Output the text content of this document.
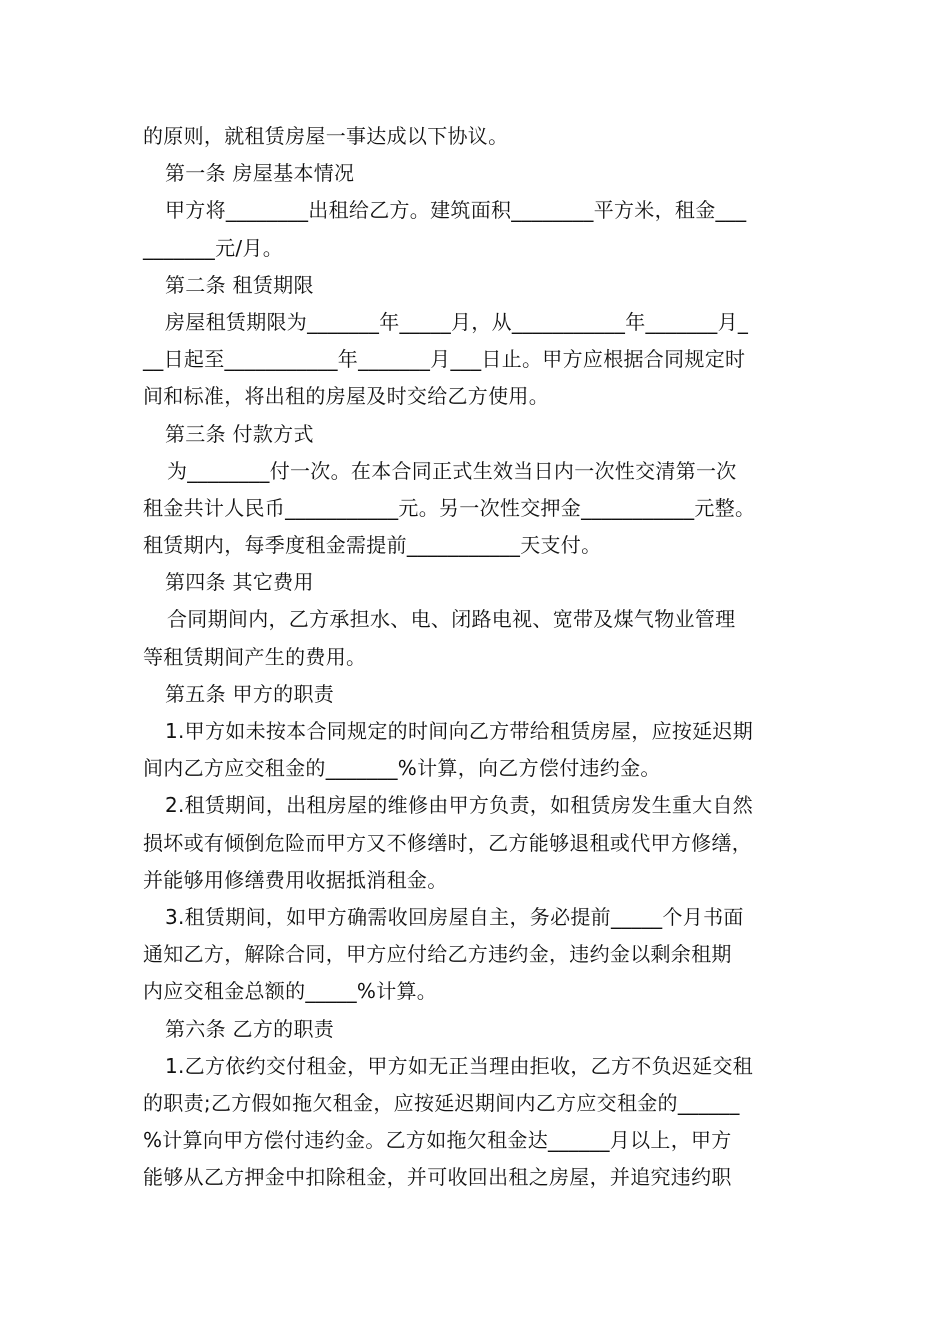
的原则，就租赁房屋一事达成以下协议。
第一条 房屋基本情况
甲方将________出租给乙方。建筑面积________平方米，租金___
_______元/月。
第二条 租赁期限
房屋租赁期限为_______年_____月，从___________年_______月_
__日起至___________年_______月___日止。甲方应根据合同规定时
间和标准，将出租的房屋及时交给乙方使用。
第三条 付款方式
为________付一次。在本合同正式生效当日内一次性交清第一次
租金共计人民币___________元。另一次性交押金___________元整。
租赁期内，每季度租金需提前___________天支付。
第四条 其它费用
合同期间内，乙方承担水、电、闭路电视、宽带及煤气物业管理
等租赁期间产生的费用。
第五条 甲方的职责
1.甲方如未按本合同规定的时间向乙方带给租赁房屋，应按延迟期
间内乙方应交租金的_______%计算，向乙方偿付违约金。
2.租赁期间，出租房屋的维修由甲方负责，如租赁房发生重大自然
损坏或有倾倒危险而甲方又不修缮时，乙方能够退租或代甲方修缮，
并能够用修缮费用收据抵消租金。
3.租赁期间，如甲方确需收回房屋自主，务必提前_____个月书面
通知乙方，解除合同，甲方应付给乙方违约金，违约金以剩余租期
内应交租金总额的_____%计算。
第六条 乙方的职责
1.乙方依约交付租金，甲方如无正当理由拒收，乙方不负迟延交租
的职责;乙方假如拖欠租金，应按延迟期间内乙方应交租金的______
%计算向甲方偿付违约金。乙方如拖欠租金达______月以上，甲方
能够从乙方押金中扣除租金，并可收回出租之房屋，并追究违约职
